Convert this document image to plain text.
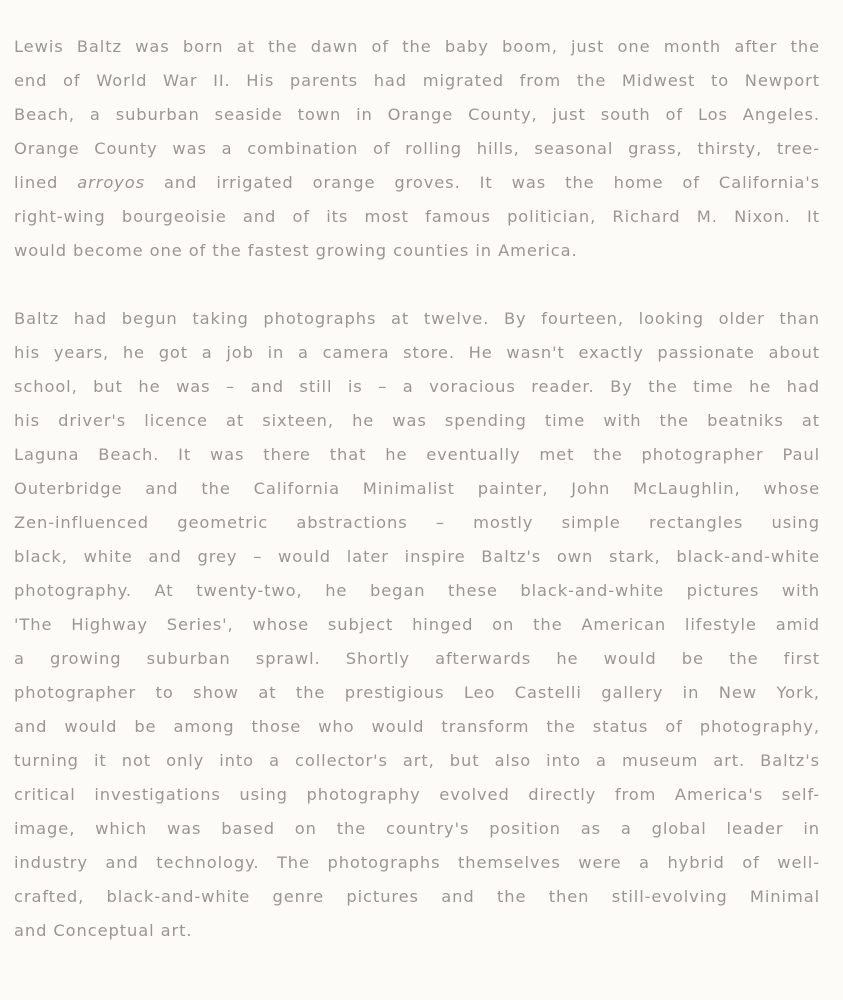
Lewis Baltz was born at the dawn of the baby boom, just one month after the
end of World War II. His parents had migrated from the Midwest to Newport
Beach, a suburban seaside town in Orange County, just south of Los Angeles.
Orange County was a combination of rolling hills, seasonal grass, thirsty, tree-
lined arroyos and irrigated orange groves. It was the home of California's
right-wing bourgeoisie and of its most famous politician, Richard M. Nixon. It
would become one of the fastest growing counties in America.
Baltz had begun taking photographs at twelve. By fourteen, looking older than
his years, he got a job in a camera store. He wasn't exactly passionate about
school, but he was – and still is – a voracious reader. By the time he had
his driver's licence at sixteen, he was spending time with the beatniks at
Laguna Beach. It was there that he eventually met the photographer Paul
Outerbridge and the California Minimalist painter, John McLaughlin, whose
Zen-influenced geometric abstractions – mostly simple rectangles using
black, white and grey – would later inspire Baltz's own stark, black-and-white
photography. At twenty-two, he began these black-and-white pictures with
'The Highway Series', whose subject hinged on the American lifestyle amid
a growing suburban sprawl. Shortly afterwards he would be the first
photographer to show at the prestigious Leo Castelli gallery in New York,
and would be among those who would transform the status of photography,
turning it not only into a collector's art, but also into a museum art. Baltz's
critical investigations using photography evolved directly from America's self-
image, which was based on the country's position as a global leader in
industry and technology. The photographs themselves were a hybrid of well-
crafted, black-and-white genre pictures and the then still-evolving Minimal
and Conceptual art.
